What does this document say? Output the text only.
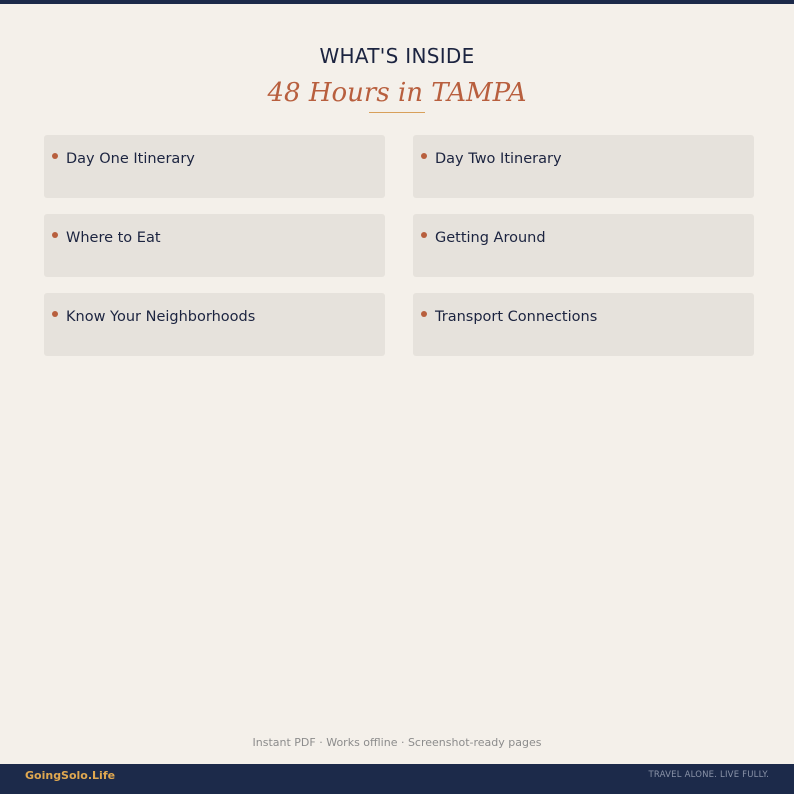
WHAT'S INSIDE
48 Hours in TAMPA
Day One Itinerary	Day Two Itinerary
Where to Eat	Getting Around
Know Your Neighborhoods	Transport Connections
Instant PDF · Works offline · Screenshot-ready pages
GoingSolo.Life	TRAVEL ALONE. LIVE FULLY.
